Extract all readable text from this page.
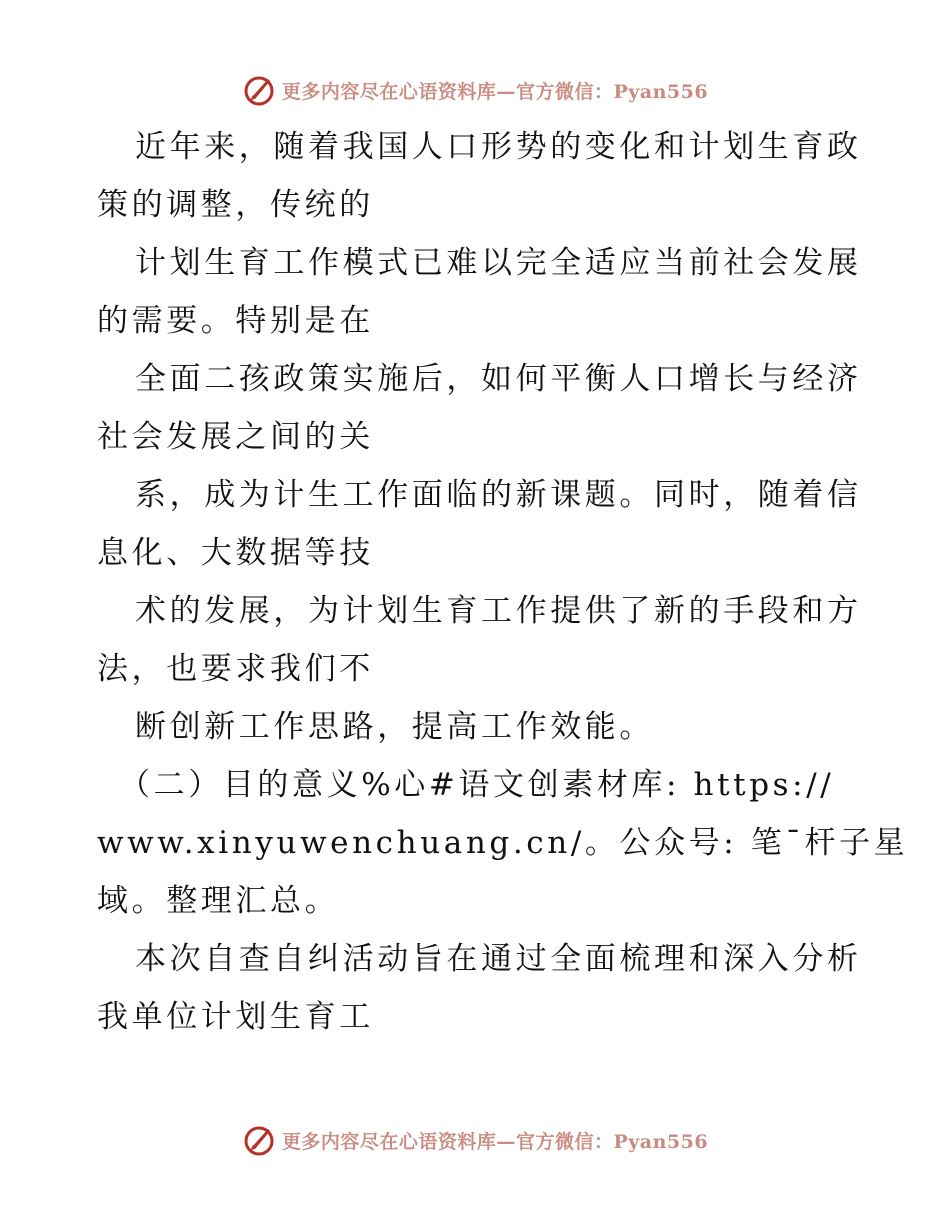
更多内容尽在心语资料库— 官方微信：Pyan556
近年来，随着我国人口形势的变化和计划生育政
策的调整，传统的
计划生育工作模式已难以完全适应当前社会发展
的需要。特别是在
全面二孩政策实施后，如何平衡人口增长与经济
社会发展之间的关
系，成为计生工作面临的新课题。同时，随着信
息化、大数据等技
术的发展，为计划生育工作提供了新的手段和方
法，也要求我们不
断创新工作思路，提高工作效能。
（二）目的意义%心#语文创素材库: https://
www.xinyuwenchuang.cn/。公众号: 笔¯杆子星
域。整理汇总。
本次自查自纠活动旨在通过全面梳理和深入分析
我单位计划生育工
更多内容尽在心语资料库— 官方微信：Pyan556
